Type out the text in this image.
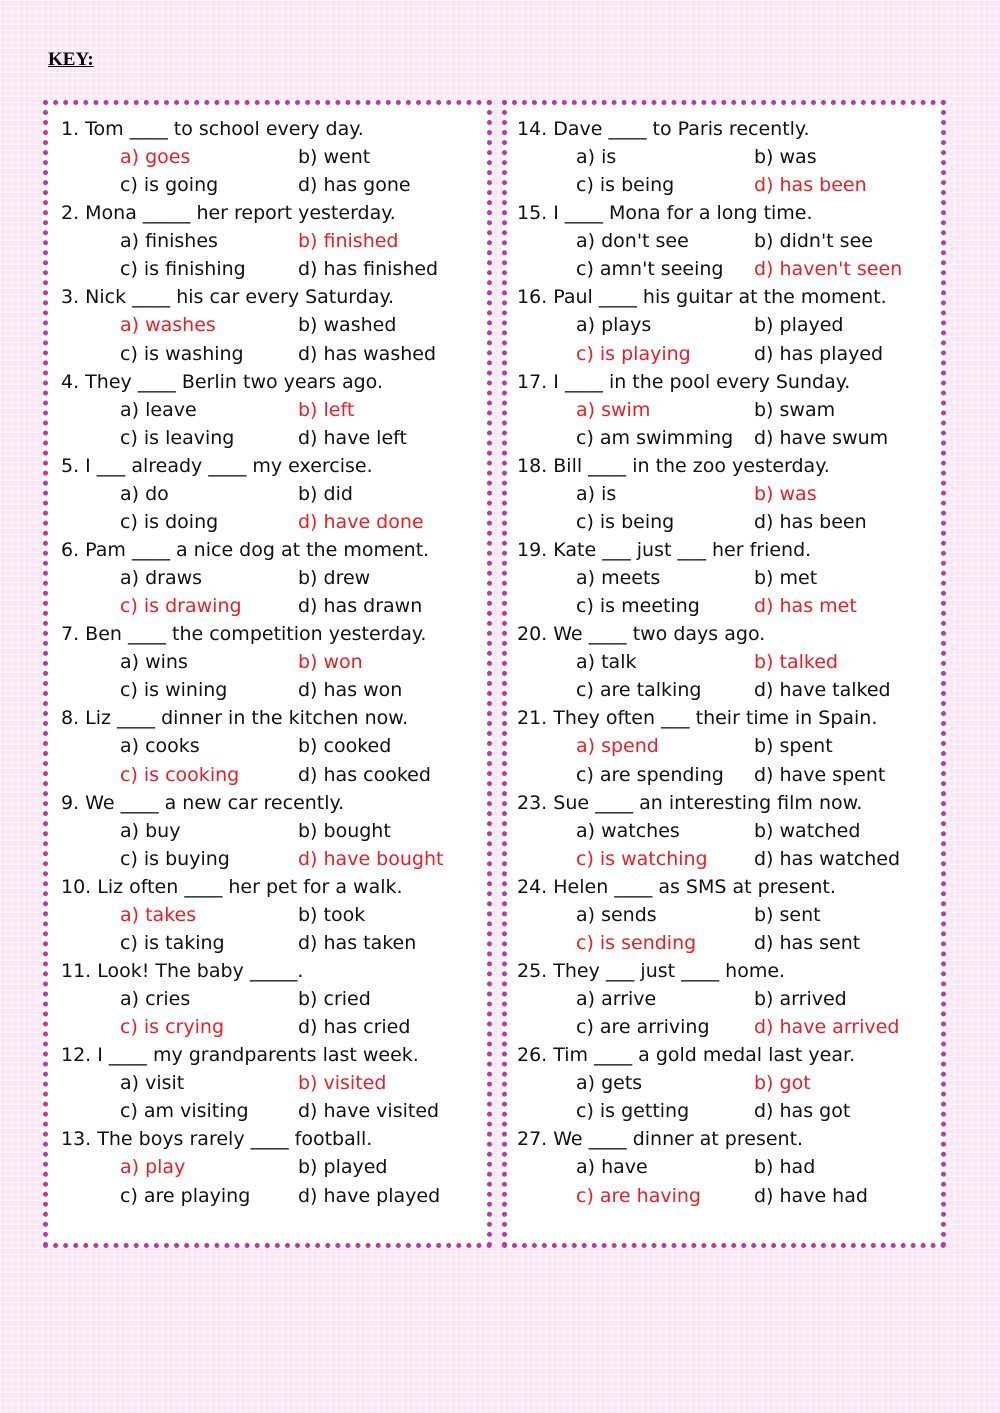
KEY:
1. Tom ____ to school every day.
a) goes	b) went
c) is going	d) has gone
2. Mona _____ her report yesterday.
a) finishes	b) finished
c) is finishing	d) has finished
3. Nick ____ his car every Saturday.
a) washes	b) washed
c) is washing	d) has washed
4. They ____ Berlin two years ago.
a) leave	b) left
c) is leaving	d) have left
5. I ___ already ____ my exercise.
a) do	b) did
c) is doing	d) have done
6. Pam ____ a nice dog at the moment.
a) draws	b) drew
c) is drawing	d) has drawn
7. Ben ____ the competition yesterday.
a) wins	b) won
c) is wining	d) has won
8. Liz ____ dinner in the kitchen now.
a) cooks	b) cooked
c) is cooking	d) has cooked
9. We ____ a new car recently.
a) buy	b) bought
c) is buying	d) have bought
10. Liz often ____ her pet for a walk.
a) takes	b) took
c) is taking	d) has taken
11. Look! The baby _____.
a) cries	b) cried
c) is crying	d) has cried
12. I ____ my grandparents last week.
a) visit	b) visited
c) am visiting	d) have visited
13. The boys rarely ____ football.
a) play	b) played
c) are playing	d) have played
14. Dave ____ to Paris recently.
a) is	b) was
c) is being	d) has been
15. I ____ Mona for a long time.
a) don't see	b) didn't see
c) amn't seeing d) haven't seen
16. Paul ____ his guitar at the moment.
a) plays	b) played
c) is playing	d) has played
17. I ____ in the pool every Sunday.
a) swim	b) swam
c) am swimming d) have swum
18. Bill ____ in the zoo yesterday.
a) is	b) was
c) is being	d) has been
19. Kate ___ just ___ her friend.
a) meets	b) met
c) is meeting	d) has met
20. We ____ two days ago.
a) talk	b) talked
c) are talking	d) have talked
21. They often ___ their time in Spain.
a) spend	b) spent
c) are spending d) have spent
23. Sue ____ an interesting film now.
a) watches	b) watched
c) is watching d) has watched
24. Helen ____ as SMS at present.
a) sends	b) sent
c) is sending	d) has sent
25. They ___ just ____ home.
a) arrive	b) arrived
c) are arriving d) have arrived
26. Tim ____ a gold medal last year.
a) gets	b) got
c) is getting	d) has got
27. We ____ dinner at present.
a) have	b) had
c) are having	d) have had
